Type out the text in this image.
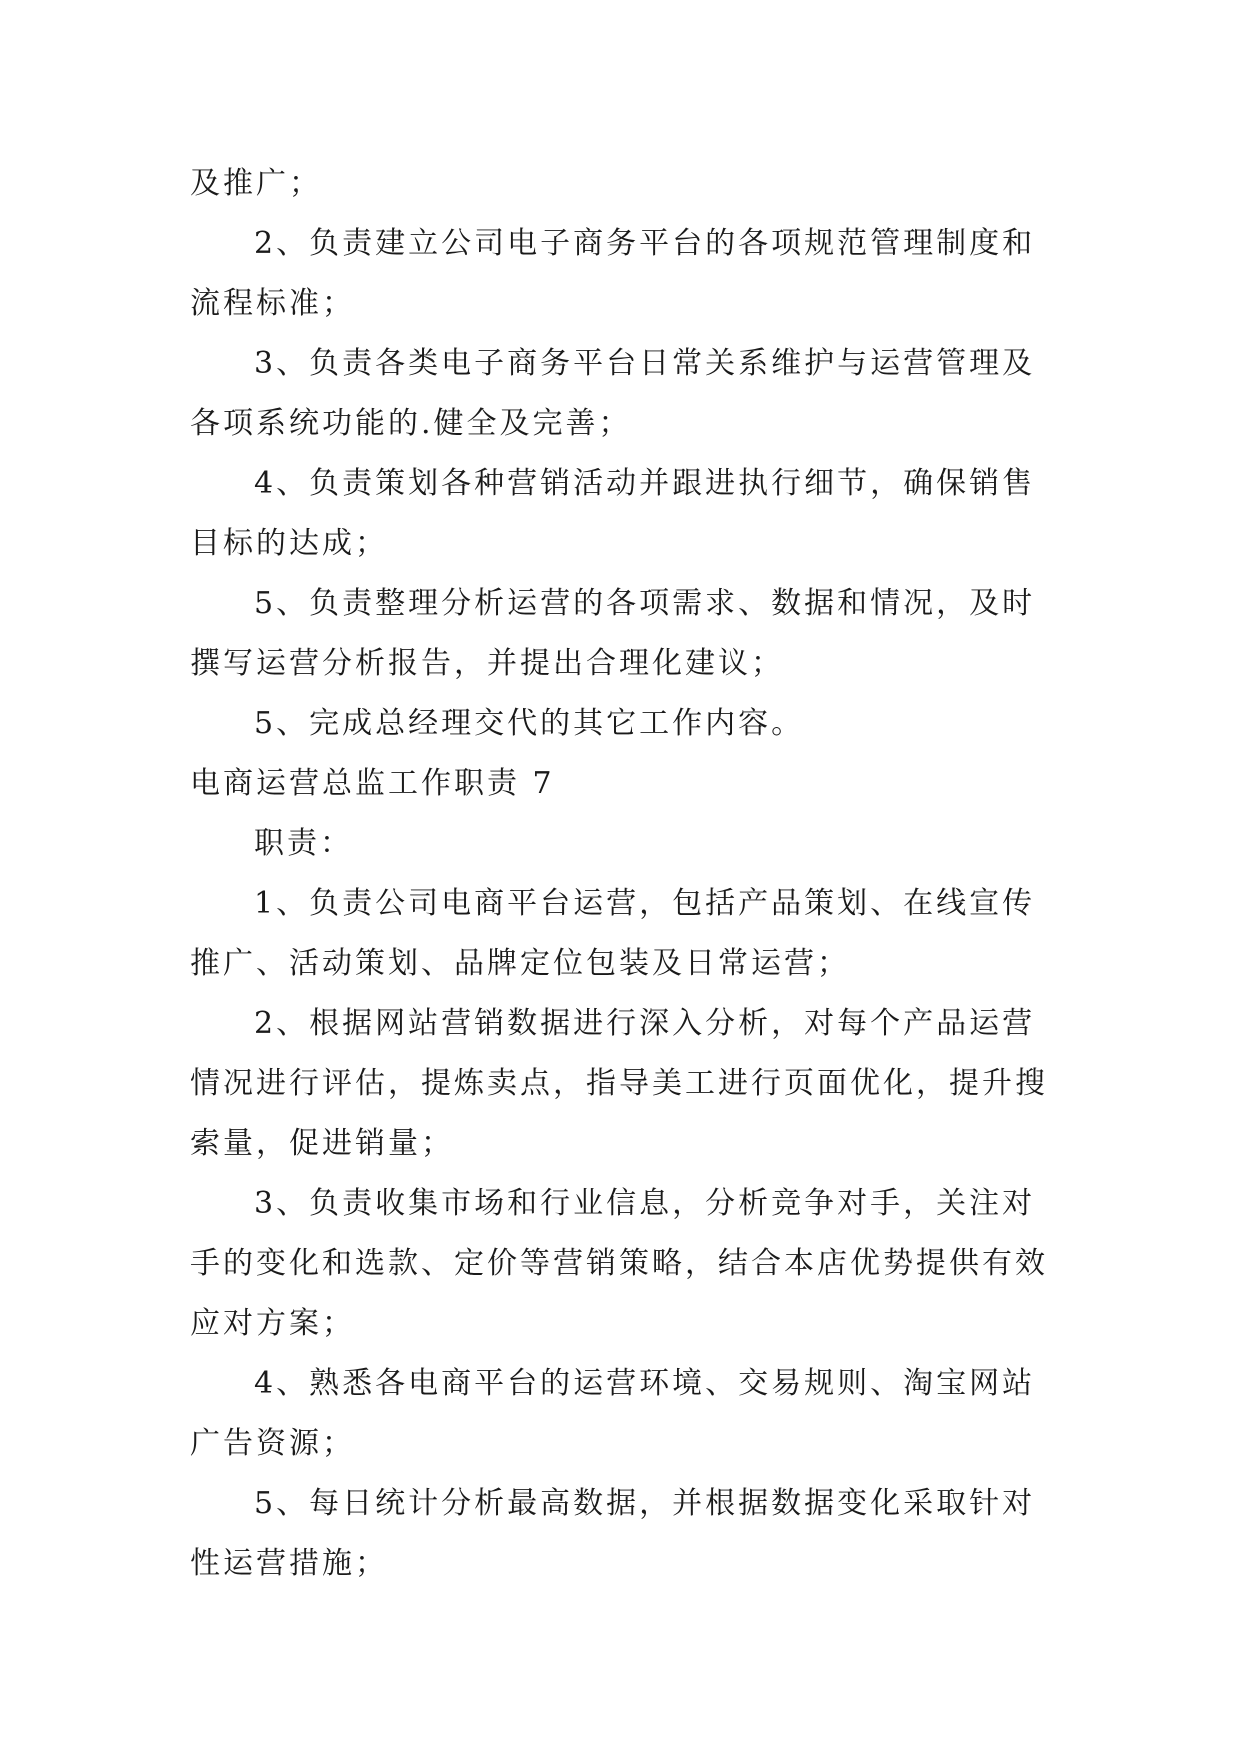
及推广；
2、负责建立公司电子商务平台的各项规范管理制度和
流程标准；
3、负责各类电子商务平台日常关系维护与运营管理及
各项系统功能的.健全及完善；
4、负责策划各种营销活动并跟进执行细节，确保销售
目标的达成；
5、负责整理分析运营的各项需求、数据和情况，及时
撰写运营分析报告，并提出合理化建议；
5、完成总经理交代的其它工作内容。
电商运营总监工作职责 7
职责：
1、负责公司电商平台运营，包括产品策划、在线宣传
推广、活动策划、品牌定位包装及日常运营；
2、根据网站营销数据进行深入分析，对每个产品运营
情况进行评估，提炼卖点，指导美工进行页面优化，提升搜
索量，促进销量；
3、负责收集市场和行业信息，分析竞争对手，关注对
手的变化和选款、定价等营销策略，结合本店优势提供有效
应对方案；
4、熟悉各电商平台的运营环境、交易规则、淘宝网站
广告资源；
5、每日统计分析最高数据，并根据数据变化采取针对
性运营措施；
